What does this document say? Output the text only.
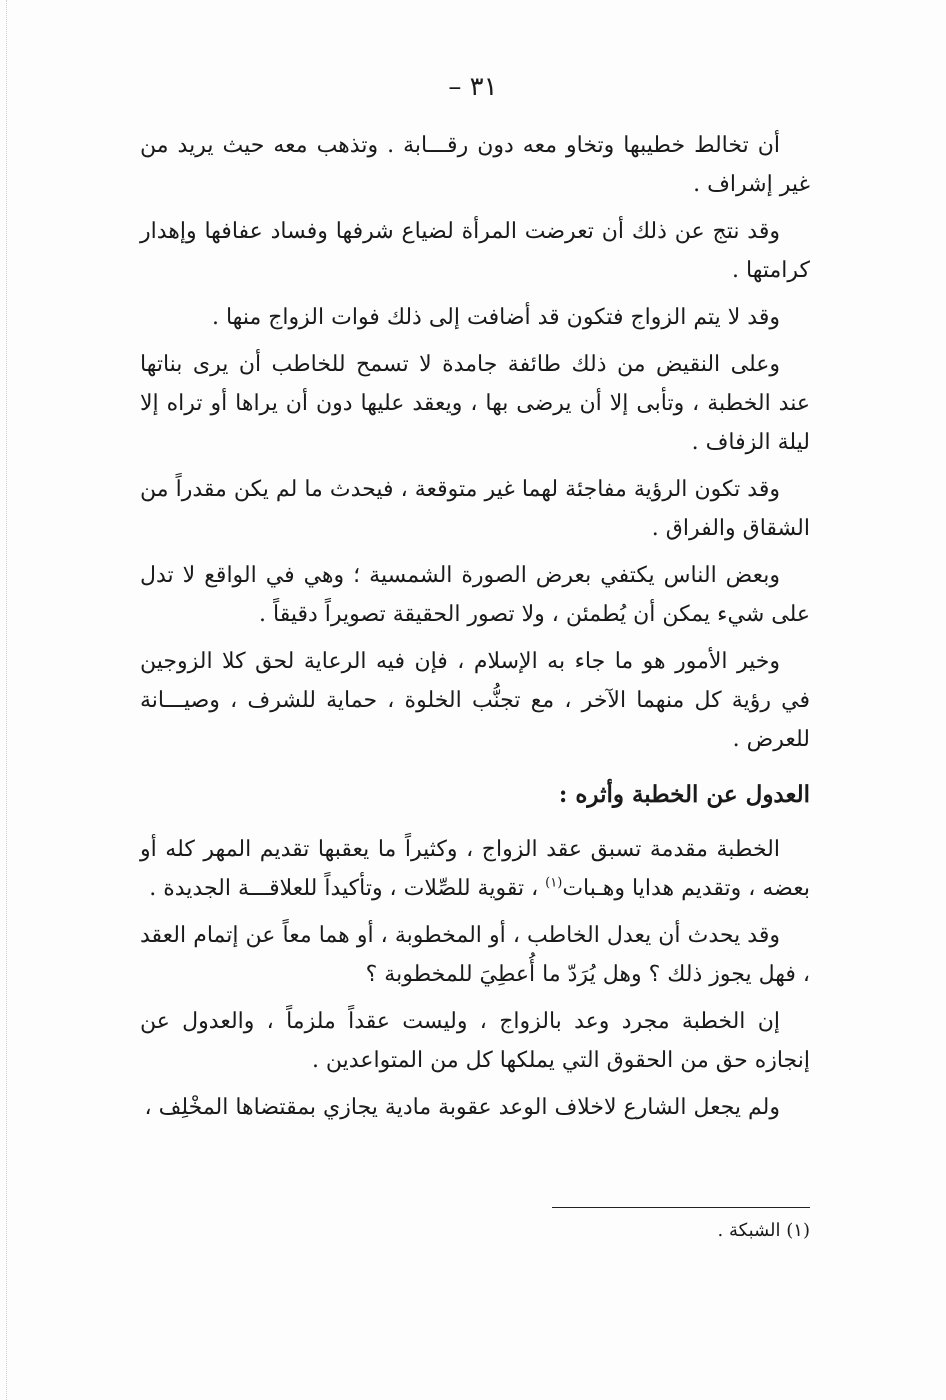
٣١ –

أن تخالط خطيبها وتخاو معه دون رقـــابة . وتذهب معه حيث يريد من غير إشراف .

وقد نتج عن ذلك أن تعرضت المرأة لضياع شرفها وفساد عفافها وإهدار كرامتها .

وقد لا يتم الزواج فتكون قد أضافت إلى ذلك فوات الزواج منها .

وعلى النقيض من ذلك طائفة جامدة لا تسمح للخاطب أن يرى بناتها عند الخطبة ، وتأبى إلا أن يرضى بها ، ويعقد عليها دون أن يراها أو تراه إلا ليلة الزفاف .

وقد تكون الرؤية مفاجئة لهما غير متوقعة ، فيحدث ما لم يكن مقدراً من الشقاق والفراق .

وبعض الناس يكتفي بعرض الصورة الشمسية ؛ وهي في الواقع لا تدل على شيء يمكن أن يُطمئن ، ولا تصور الحقيقة تصويراً دقيقاً .

وخير الأمور هو ما جاء به الإسلام ، فإن فيه الرعاية لحق كلا الزوجين في رؤية كل منهما الآخر ، مع تجنُّب الخلوة ، حماية للشرف ، وصيـــانة للعرض .

العدول عن الخطبة وأثره :

الخطبة مقدمة تسبق عقد الزواج ، وكثيراً ما يعقبها تقديم المهر كله أو بعضه ، وتقديم هدايا وهـبات$^{(١)}$ ، تقوية للصِّلات ، وتأكيداً للعلاقـــة الجديدة .

وقد يحدث أن يعدل الخاطب ، أو المخطوبة ، أو هما معاً عن إتمام العقد ، فهل يجوز ذلك ؟ وهل يُرَدّ ما أُعطِيَ للمخطوبة ؟

إن الخطبة مجرد وعد بالزواج ، وليست عقداً ملزماً ، والعدول عن إنجازه حق من الحقوق التي يملكها كل من المتواعدين .

ولم يجعل الشارع لاخلاف الوعد عقوبة مادية يجازي بمقتضاها المخْلِف ،

(١) الشبكة .
